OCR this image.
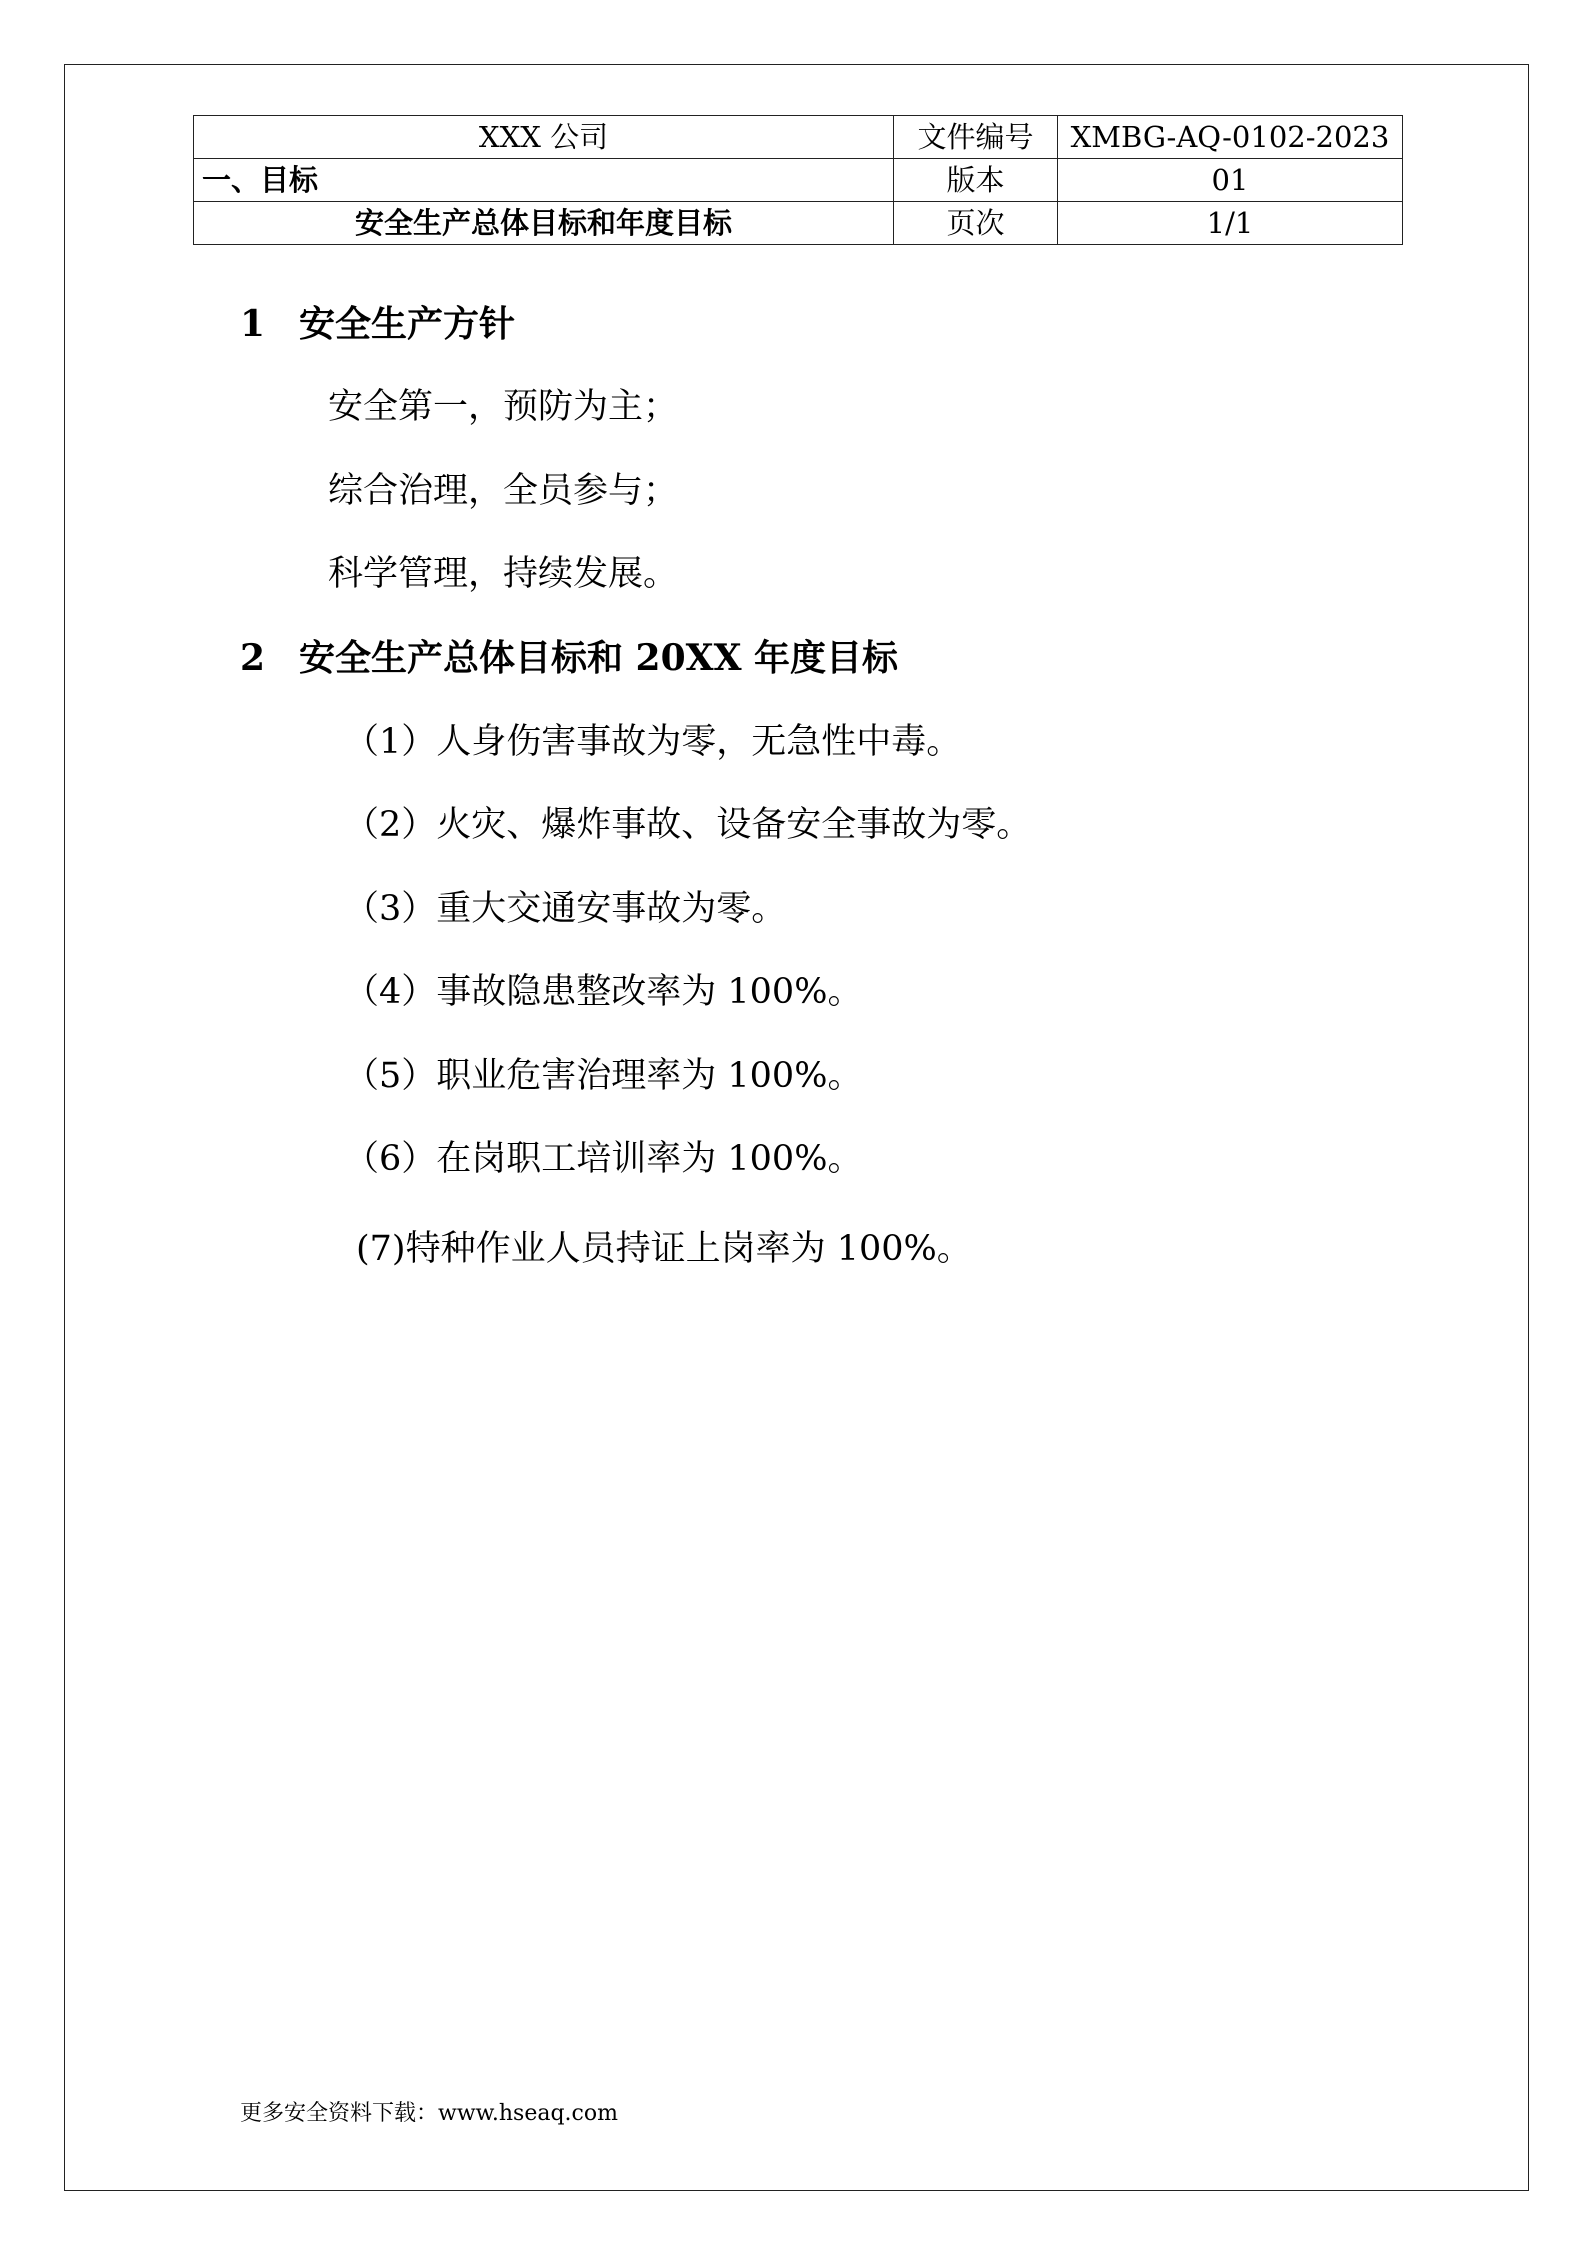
XXX 公司	文件编号	XMBG-AQ-0102-2023
一、目标	版本	01
安全生产总体目标和年度目标	页次	1/1
1 安全生产方针
安全第一，预防为主；
综合治理，全员参与；
科学管理，持续发展。
2 安全生产总体目标和 20XX 年度目标
（1）人身伤害事故为零，无急性中毒。
（2）火灾、爆炸事故、设备安全事故为零。
（3）重大交通安事故为零。
（4）事故隐患整改率为 100%。
（5）职业危害治理率为 100%。
（6）在岗职工培训率为 100%。
(7)特种作业人员持证上岗率为 100%。
更多安全资料下载：www.hseaq.com
